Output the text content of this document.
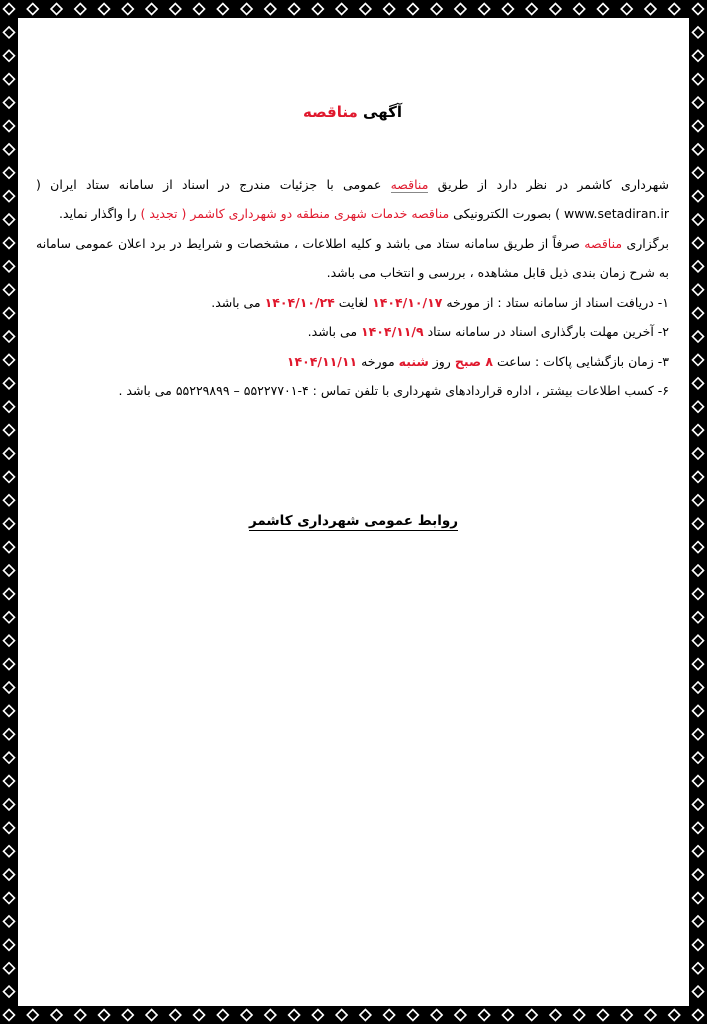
آگهی مناقصه

شهرداری کاشمر در نظر دارد از طریق مناقصه عمومی با جزئیات مندرج در اسناد از سامانه ستاد ایران ( www.setadiran.ir ) بصورت الکترونیکی مناقصه خدمات شهری منطقه دو شهرداری کاشمر ( تجدید ) را واگذار نماید.

برگزاری مناقصه صرفاً از طریق سامانه ستاد می باشد و کلیه اطلاعات ، مشخصات و شرایط در برد اعلان عمومی سامانه به شرح زمان بندی ذیل قابل مشاهده ، بررسی و انتخاب می باشد.

۱- دریافت اسناد از سامانه ستاد : از مورخه ۱۴۰۴/۱۰/۱۷ لغایت ۱۴۰۴/۱۰/۲۴ می باشد.

۲- آخرین مهلت بارگذاری اسناد در سامانه ستاد ۱۴۰۴/۱۱/۹ می باشد.

۳- زمان بازگشایی پاکات : ساعت ۸ صبح روز شنبه مورخه ۱۴۰۴/۱۱/۱۱

۶- کسب اطلاعات بیشتر ، اداره قراردادهای شهرداری با تلفن تماس : ۴-۵۵۲۲۷۷۰۱ – ۵۵۲۲۹۸۹۹ می باشد .

روابط عمومی شهرداری کاشمر
